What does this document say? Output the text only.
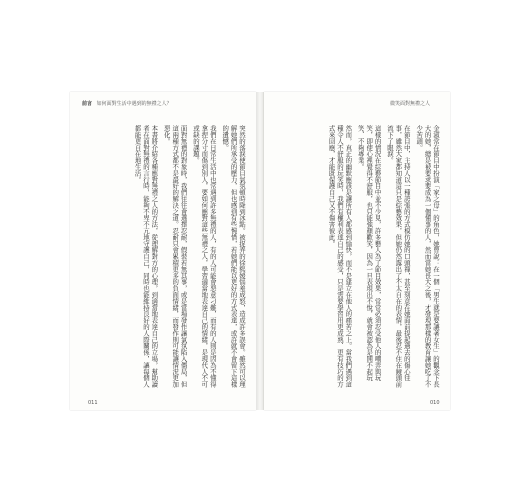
前言 如何面對生活中遇到的無禮之人？	微笑面對無禮之人

突然的落淚使節目氣氛頓時降到冰點。被捉弄的徐熙媛惱羞成怒，造成許多誤會。雖然可以理解她們所承受的壓力，但也感到有些惋惜，若她們能以更好的方式表達，或許就不會留下這樣的遺憾。

我們在日常生活中也常遇到許多無禮的人，有的人可能會惡意刁難，而有的人則是因為不懂得拿捏分寸而傷到別人，要如何應對這些無禮之人，學習適當地表達自己的情緒，是現代人不可或缺的課題。

面對無禮的對象時，我們往往會選擇忍耐，假裝若無其事，或是當場發作讓氣氛陷入僵局，但這兩種方式都不是最好的解決之道。忍耐只會累積更多的負面情緒，而發作則可能讓情況更加惡化。

本書將介紹各種應對無禮之人的方法，從理解對方的心理，到適當地表達自己的立場，幫助讀者在面對無禮的言行時，能夠不卑不亢地守護自己，同時也能維持良好的人際關係，讓每個人都能更自在地生活。	金淑常在節目中扮演「家之母」的角色，她曾說：在一個「男生就是要讓著女生」的觀念下長大的她，總是被要求要成為一個懂事的人，然而當她長大之後，才發現那樣的教育讓她吃了不少苦頭。

在節目中，主持人以一種誇張的方式模仿她的口頭禪，甚至刻意在她面前提起過去的傷心往事，雖然大家都知道這只是綜藝效果，但她仍然露出了不太自在的表情，最後忍不住在鏡頭前流下了眼淚。

這樣的情況在綜藝節目中並不少見，許多藝人為了節目效果，常常必須忍受他人的嘲弄與玩笑，即使心裡覺得不舒服，也只能強顏歡笑，因為一旦表現出不悅，就會被認為是開不起玩笑、不夠專業。

然而，真正的幽默應該是讓所有人都感到愉快，而不是建立在他人的痛苦之上。當我們遇到這種令人不舒服的玩笑時，我們有權利表達自己的感受，只是需要學習用更成熟、更有技巧的方式來回應，才能既保護自己又不傷害彼此。

011	010
